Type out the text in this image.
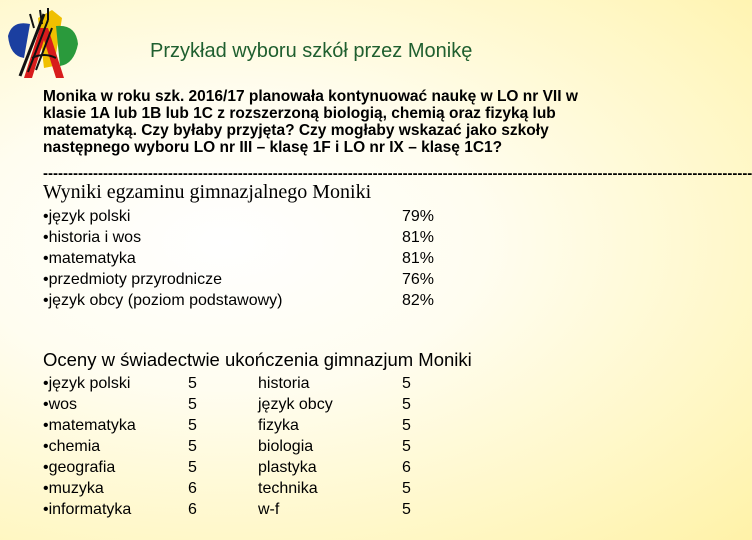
Przykład wyboru szkół przez Monikę
Monika w roku szk. 2016/17 planowała kontynuować naukę w LO nr VII w
klasie 1A lub 1B lub 1C z rozszerzoną biologią, chemią oraz fizyką lub
matematyką. Czy byłaby przyjęta? Czy mogłaby wskazać jako szkoły
następnego wyboru LO nr III – klasę 1F i LO nr IX – klasę 1C1?
----------------------------------------------------------------------------------------------------------------------------------------------
Wyniki egzaminu gimnazjalnego Moniki
•język polski
•historia i wos
•matematyka
•przedmioty przyrodnicze
•język obcy (poziom podstawowy)
79%
81%
81%
76%
82%
Oceny w świadectwie ukończenia gimnazjum Moniki
•język polski
•wos
•matematyka
•chemia
•geografia
•muzyka
•informatyka
5
5
5
5
5
6
6
historia
język obcy
fizyka
biologia
plastyka
technika
w-f
5
5
5
5
6
5
5
